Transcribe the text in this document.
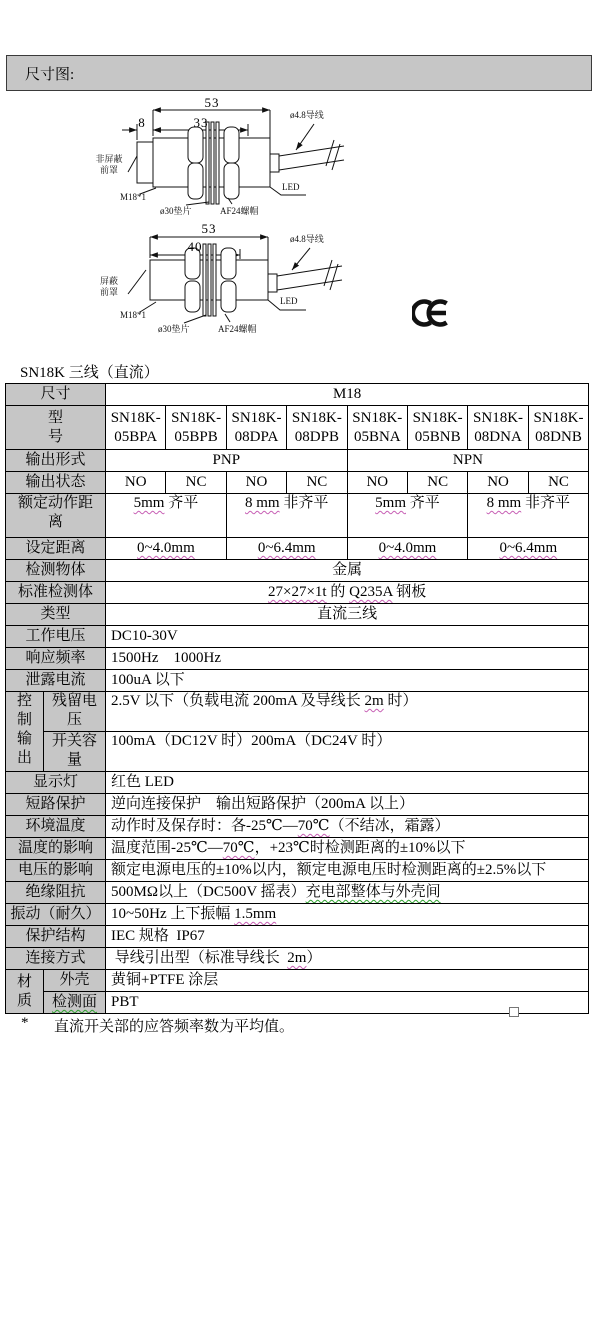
尺寸图:
53
8	33	ø4.8导线
非屏蔽
前罩
M18*1
ø30垫片	AF24螺帽
LED
53
40	ø4.8导线
屏蔽
前罩
M18*1
ø30垫片	AF24螺帽
LED
SN18K 三线（直流）
尺寸		M18							
型
号		SN18K-
05BPA	SN18K-
05BPB	SN18K-
08DPA	SN18K-
08DPB	SN18K-
05BNA	SN18K-
05BNB	SN18K-
08DNA	SN18K-
08DNB
输出形式		PNP				NPN			
输出状态		NO	NC	NO	NC	NO	NC	NO	NC
额定动作距
离		5mm 齐平		8 mm 非齐平		5mm 齐平		8 mm 非齐平	
设定距离		0~4.0mm		0~6.4mm		0~4.0mm		0~6.4mm	
检测物体		金属							
标准检测体		27×27×1t 的 Q235A 钢板							
类型		直流三线							
工作电压		DC10-30V							
响应频率		1500Hz    1000Hz							
泄露电流		100uA 以下							
控
制
输
出	残留电
压	2.5V 以下（负载电流 200mA 及导线长 2m 时）							
	开关容
量	100mA（DC12V 时）200mA（DC24V 时）							
显示灯		红色 LED							
短路保护		逆向连接保护　输出短路保护（200mA 以上）							
环境温度		动作时及保存时：各-25℃—70℃（不结冰，霜露）							
温度的影响		温度范围-25℃—70℃，+23℃时检测距离的±10%以下							
电压的影响		额定电源电压的±10%以内，额定电源电压时检测距离的±2.5%以下							
绝缘阻抗		500MΩ以上（DC500V 摇表）充电部整体与外壳间							
振动（耐久）		10~50Hz 上下振幅 1.5mm							
保护结构		IEC 规格  IP67							
连接方式		导线引出型（标准导线长  2m）							
材
质	外壳	黄铜+PTFE 涂层							
	检测面	PBT							
* 直流开关部的应答频率数为平均值。
